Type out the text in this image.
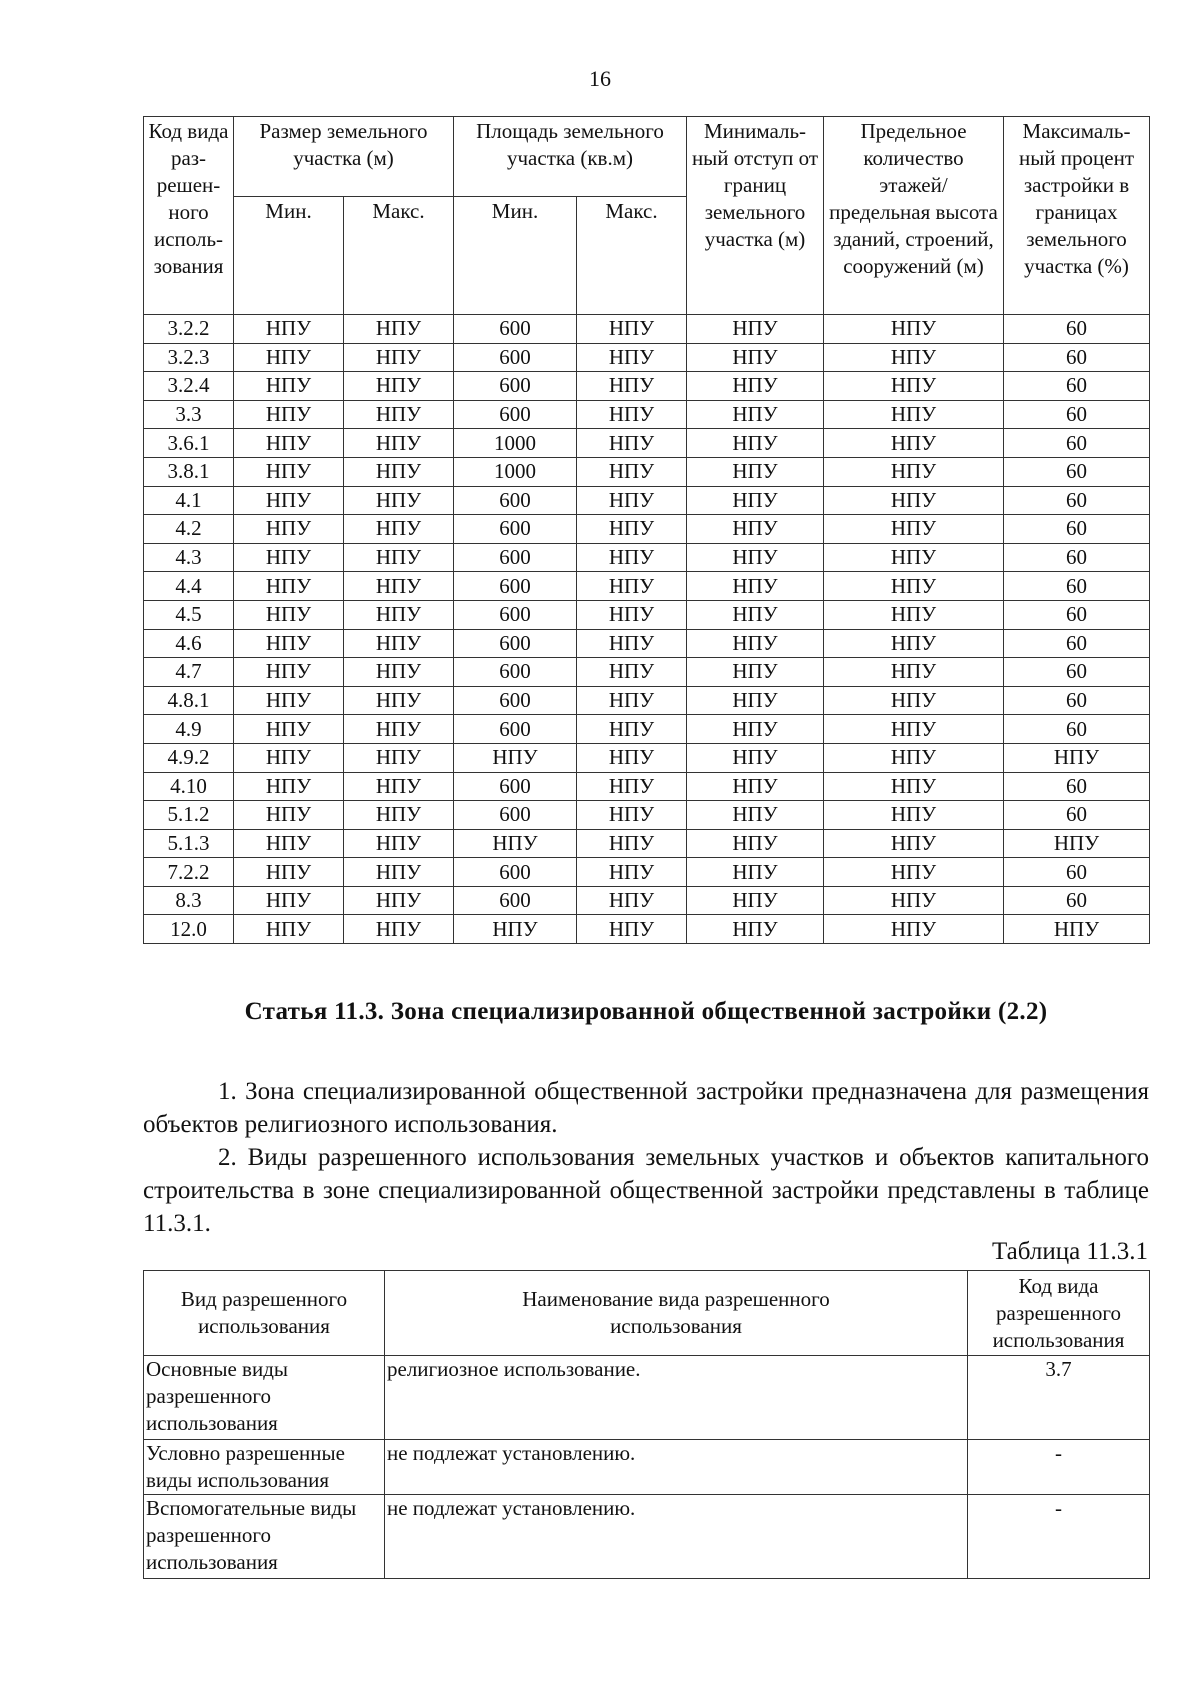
16
Код вида раз-решен-ного исполь-зования	Размер земельного участка (м)		Площадь земельного участка (кв.м)		Минималь-ный отступ от границ земельного участка (м)	Предельное количество этажей/ предельная высота зданий, строений, сооружений (м)	Максималь-ный процент застройки в границах земельного участка (%)

	Мин.	Макс.	Мин.	Макс.			
3.2.2	НПУ	НПУ	600	НПУ	НПУ	НПУ	60
3.2.3	НПУ	НПУ	600	НПУ	НПУ	НПУ	60
3.2.4	НПУ	НПУ	600	НПУ	НПУ	НПУ	60
3.3	НПУ	НПУ	600	НПУ	НПУ	НПУ	60
3.6.1	НПУ	НПУ	1000	НПУ	НПУ	НПУ	60
3.8.1	НПУ	НПУ	1000	НПУ	НПУ	НПУ	60
4.1	НПУ	НПУ	600	НПУ	НПУ	НПУ	60
4.2	НПУ	НПУ	600	НПУ	НПУ	НПУ	60
4.3	НПУ	НПУ	600	НПУ	НПУ	НПУ	60
4.4	НПУ	НПУ	600	НПУ	НПУ	НПУ	60
4.5	НПУ	НПУ	600	НПУ	НПУ	НПУ	60
4.6	НПУ	НПУ	600	НПУ	НПУ	НПУ	60
4.7	НПУ	НПУ	600	НПУ	НПУ	НПУ	60
4.8.1	НПУ	НПУ	600	НПУ	НПУ	НПУ	60
4.9	НПУ	НПУ	600	НПУ	НПУ	НПУ	60
4.9.2	НПУ	НПУ	НПУ	НПУ	НПУ	НПУ	НПУ
4.10	НПУ	НПУ	600	НПУ	НПУ	НПУ	60
5.1.2	НПУ	НПУ	600	НПУ	НПУ	НПУ	60
5.1.3	НПУ	НПУ	НПУ	НПУ	НПУ	НПУ	НПУ
7.2.2	НПУ	НПУ	600	НПУ	НПУ	НПУ	60
8.3	НПУ	НПУ	600	НПУ	НПУ	НПУ	60
12.0	НПУ	НПУ	НПУ	НПУ	НПУ	НПУ	НПУ
Статья 11.3. Зона специализированной общественной застройки (2.2)
1. Зона специализированной общественной застройки предназначена для размещения объектов религиозного использования.
2. Виды разрешенного использования земельных участков и объектов капитального строительства в зоне специализированной общественной застройки представлены в таблице 11.3.1.
Таблица 11.3.1
Вид разрешенного использования	Наименование вида разрешенного использования	Код вида разрешенного использования

Основные виды разрешенного использования	религиозное использование.	3.7
Условно разрешенные виды использования	не подлежат установлению.	-
Вспомогательные виды разрешенного использования	не подлежат установлению.	-
